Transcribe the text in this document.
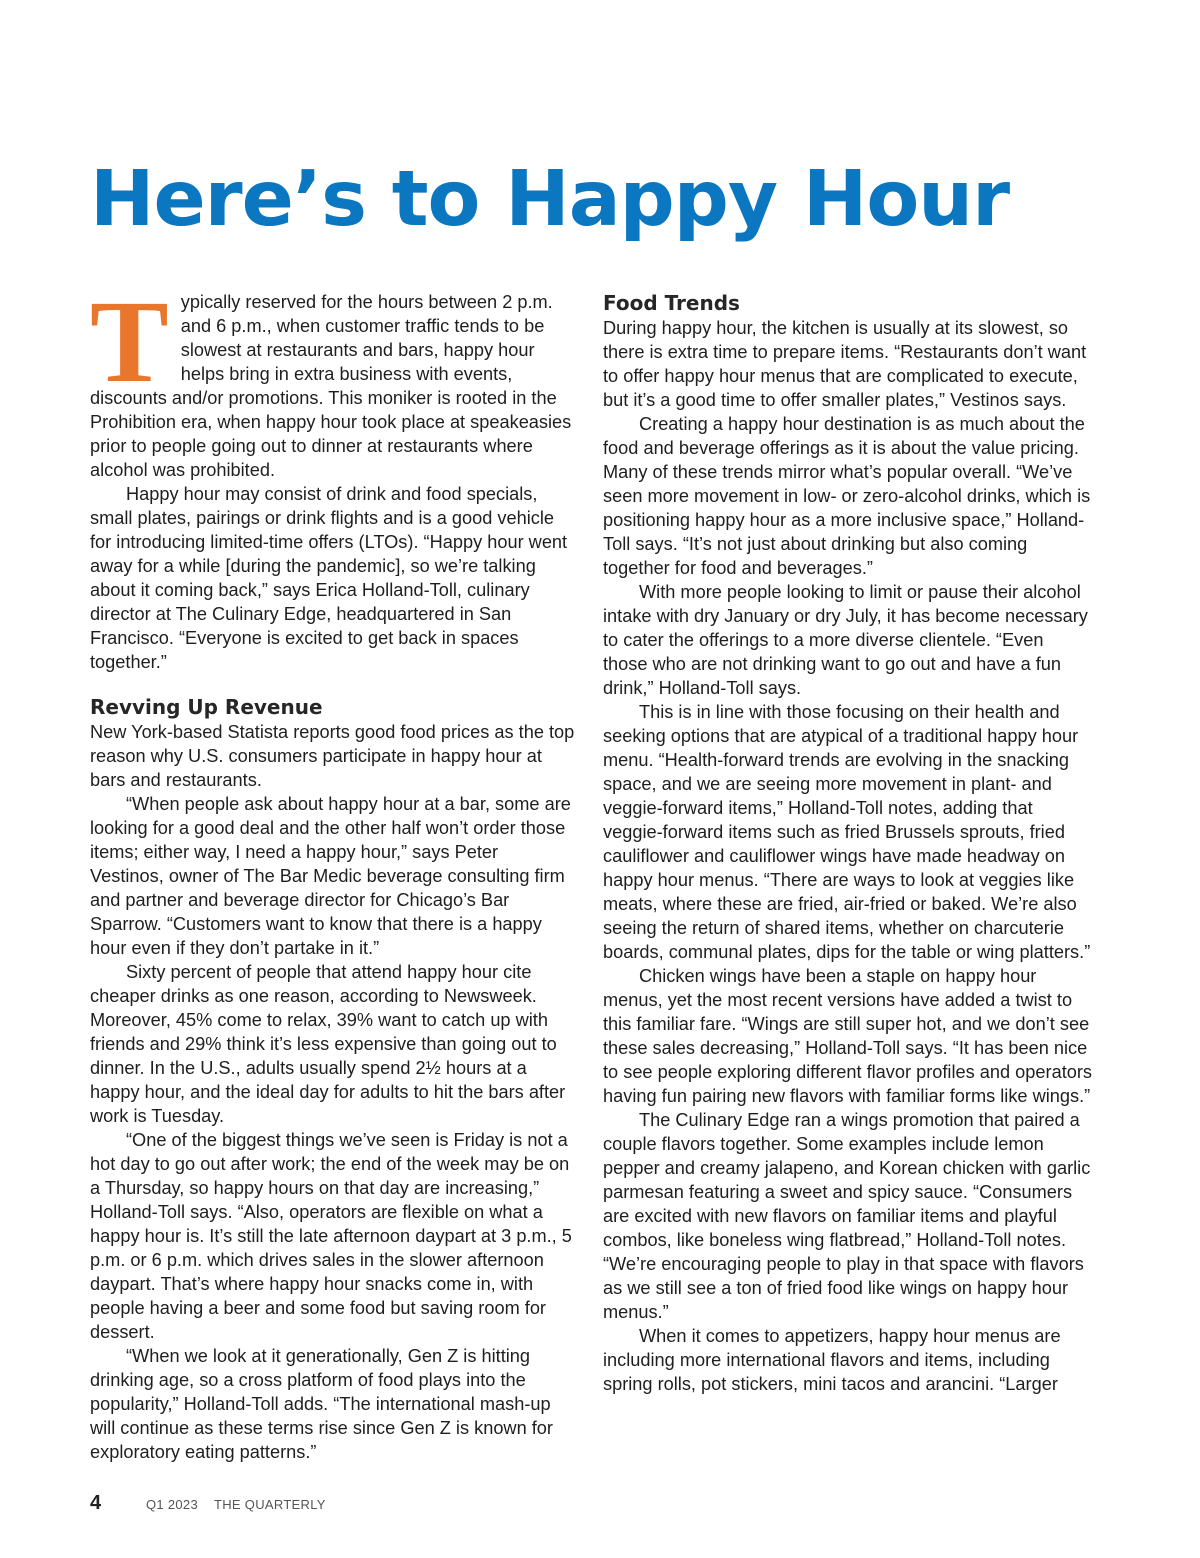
Here’s to Happy Hour

Typically reserved for the hours between 2 p.m. and 6 p.m., when customer traffic tends to be slowest at restaurants and bars, happy hour helps bring in extra business with events, discounts and/or promotions. This moniker is rooted in the Prohibition era, when happy hour took place at speakeasies prior to people going out to dinner at restaurants where alcohol was prohibited.

Happy hour may consist of drink and food specials, small plates, pairings or drink flights and is a good vehicle for introducing limited-time offers (LTOs). “Happy hour went away for a while [during the pandemic], so we’re talking about it coming back,” says Erica Holland-Toll, culinary director at The Culinary Edge, headquartered in San Francisco. “Everyone is excited to get back in spaces together.”

Revving Up Revenue

New York-based Statista reports good food prices as the top reason why U.S. consumers participate in happy hour at bars and restaurants.

“When people ask about happy hour at a bar, some are looking for a good deal and the other half won’t order those items; either way, I need a happy hour,” says Peter Vestinos, owner of The Bar Medic beverage consulting firm and partner and beverage director for Chicago’s Bar Sparrow. “Customers want to know that there is a happy hour even if they don’t partake in it.”

Sixty percent of people that attend happy hour cite cheaper drinks as one reason, according to Newsweek. Moreover, 45% come to relax, 39% want to catch up with friends and 29% think it’s less expensive than going out to dinner. In the U.S., adults usually spend 2½ hours at a happy hour, and the ideal day for adults to hit the bars after work is Tuesday.

“One of the biggest things we’ve seen is Friday is not a hot day to go out after work; the end of the week may be on a Thursday, so happy hours on that day are increasing,” Holland-Toll says. “Also, operators are flexible on what a happy hour is. It’s still the late afternoon daypart at 3 p.m., 5 p.m. or 6 p.m. which drives sales in the slower afternoon daypart. That’s where happy hour snacks come in, with people having a beer and some food but saving room for dessert.

“When we look at it generationally, Gen Z is hitting drinking age, so a cross platform of food plays into the popularity,” Holland-Toll adds. “The international mash-up will continue as these terms rise since Gen Z is known for exploratory eating patterns.”

Food Trends

During happy hour, the kitchen is usually at its slowest, so there is extra time to prepare items. “Restaurants don’t want to offer happy hour menus that are complicated to execute, but it’s a good time to offer smaller plates,” Vestinos says.

Creating a happy hour destination is as much about the food and beverage offerings as it is about the value pricing. Many of these trends mirror what’s popular overall. “We’ve seen more movement in low- or zero-alcohol drinks, which is positioning happy hour as a more inclusive space,” Holland-Toll says. “It’s not just about drinking but also coming together for food and beverages.”

With more people looking to limit or pause their alcohol intake with dry January or dry July, it has become necessary to cater the offerings to a more diverse clientele. “Even those who are not drinking want to go out and have a fun drink,” Holland-Toll says.

This is in line with those focusing on their health and seeking options that are atypical of a traditional happy hour menu. “Health-forward trends are evolving in the snacking space, and we are seeing more movement in plant- and veggie-forward items,” Holland-Toll notes, adding that veggie-forward items such as fried Brussels sprouts, fried cauliflower and cauliflower wings have made headway on happy hour menus. “There are ways to look at veggies like meats, where these are fried, air-fried or baked. We’re also seeing the return of shared items, whether on charcuterie boards, communal plates, dips for the table or wing platters.”

Chicken wings have been a staple on happy hour menus, yet the most recent versions have added a twist to this familiar fare. “Wings are still super hot, and we don’t see these sales decreasing,” Holland-Toll says. “It has been nice to see people exploring different flavor profiles and operators having fun pairing new flavors with familiar forms like wings.”

The Culinary Edge ran a wings promotion that paired a couple flavors together. Some examples include lemon pepper and creamy jalapeno, and Korean chicken with garlic parmesan featuring a sweet and spicy sauce. “Consumers are excited with new flavors on familiar items and playful combos, like boneless wing flatbread,” Holland-Toll notes. “We’re encouraging people to play in that space with flavors as we still see a ton of fried food like wings on happy hour menus.”

When it comes to appetizers, happy hour menus are including more international flavors and items, including spring rolls, pot stickers, mini tacos and arancini. “Larger

4	Q1 2023 THE QUARTERLY
